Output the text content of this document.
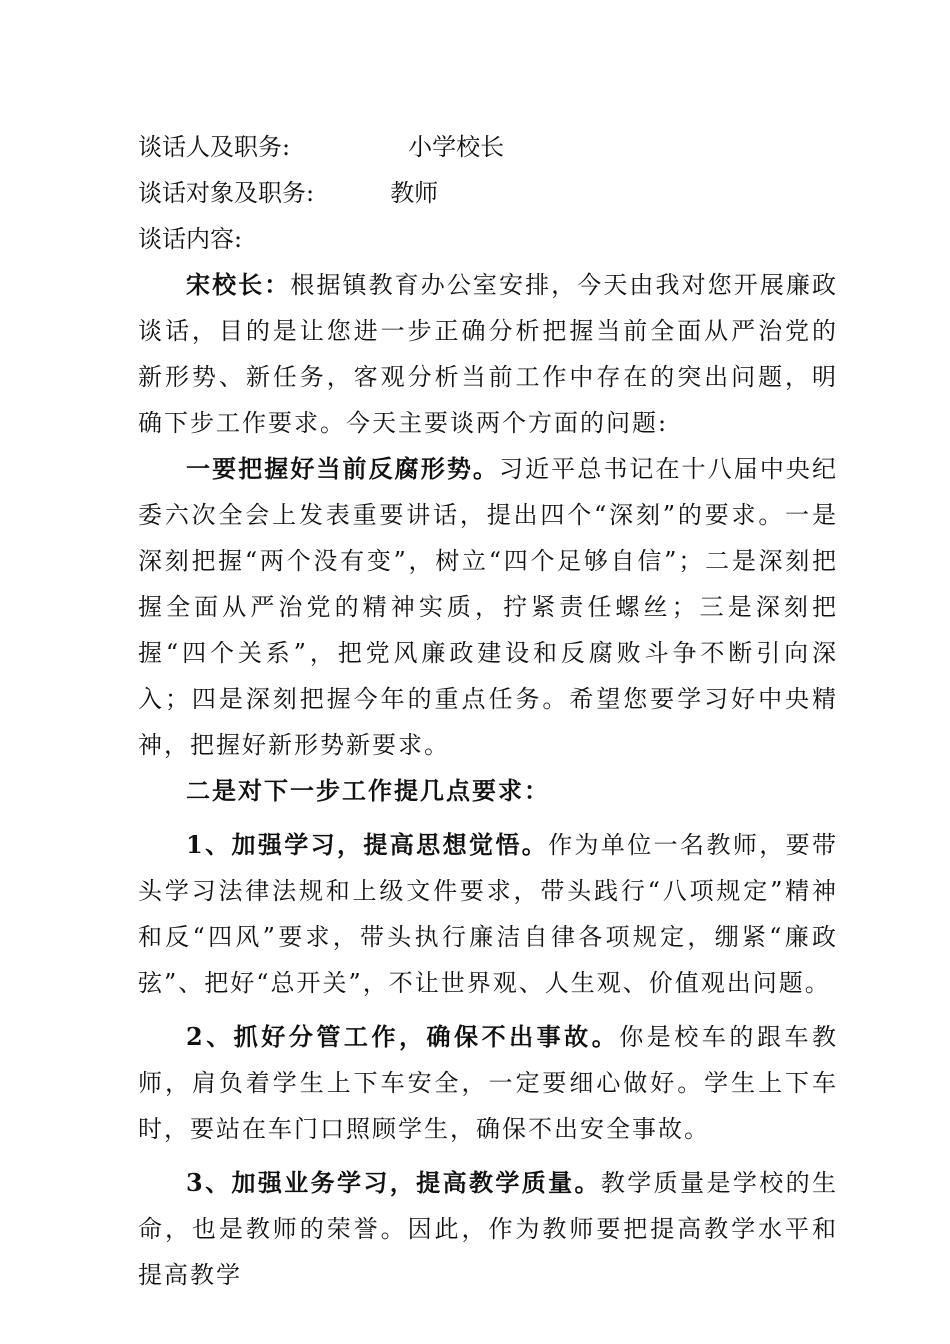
谈话人及职务:	小学校长
谈话对象及职务:	教师
谈话内容:

宋校长：根据镇教育办公室安排，今天由我对您开展廉政谈话，目的是让您进一步正确分析把握当前全面从严治党的新形势、新任务，客观分析当前工作中存在的突出问题，明确下步工作要求。今天主要谈两个方面的问题:

一要把握好当前反腐形势。习近平总书记在十八届中央纪委六次全会上发表重要讲话，提出四个“深刻”的要求。一是深刻把握“两个没有变”，树立“四个足够自信”；二是深刻把握全面从严治党的精神实质，拧紧责任螺丝；三是深刻把握“四个关系”，把党风廉政建设和反腐败斗争不断引向深入；四是深刻把握今年的重点任务。希望您要学习好中央精神，把握好新形势新要求。

二是对下一步工作提几点要求：

1、加强学习，提高思想觉悟。作为单位一名教师，要带头学习法律法规和上级文件要求，带头践行“八项规定”精神和反“四风”要求，带头执行廉洁自律各项规定，绷紧“廉政弦”、把好“总开关”，不让世界观、人生观、价值观出问题。

2、抓好分管工作，确保不出事故。你是校车的跟车教师，肩负着学生上下车安全，一定要细心做好。学生上下车时，要站在车门口照顾学生，确保不出安全事故。

3、加强业务学习，提高教学质量。教学质量是学校的生命，也是教师的荣誉。因此，作为教师要把提高教学水平和提高教学
